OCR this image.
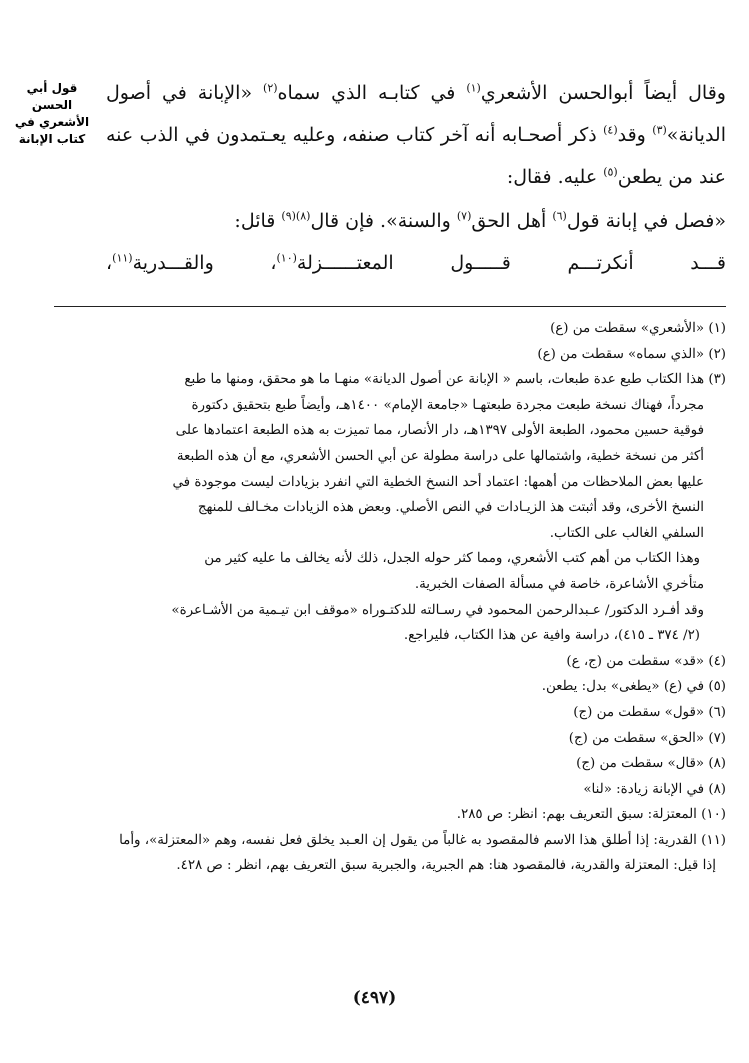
قول أبي الحسن الأشعري في كتاب الإبانة

وقال أيضاً أبوالحسن الأشعري$^{(١)}$ في كتابـه الذي سماه$^{(٢)}$ «الإبانة في أصول الديانة»$^{(٣)}$ وقد$^{(٤)}$ ذكر أصحـابه أنه آخر كتاب صنفه، وعليه يعـتمدون في الذب عنه عند من يطعن$^{(٥)}$ عليه. فقال:

«فصل في إبانة قول$^{(٦)}$ أهل الحق$^{(٧)}$ والسنة». فإن قال$^{(٨)(٩)}$ قائل:

قـــد أنكرتـــم قـــــول المعتــــــزلة$^{(١٠)}$، والقـــدرية$^{(١١)}$،

(١) «الأشعري» سقطت من (ع)

(٢) «الذي سماه» سقطت من (ع)

(٣) هذا الكتاب طبع عدة طبعات، باسم « الإبانة عن أصول الديانة» منهـا ما هو محقق، ومنها ما طبع

مجرداً، فهناك نسخة طبعت مجردة طبعتهـا «جامعة الإمام» ١٤٠٠هـ، وأيضاً طبع بتحقيق دكتورة

فوقية حسين محمود، الطبعة الأولى ١٣٩٧هـ، دار الأنصار، مما تميزت به هذه الطبعة اعتمادها على

أكثر من نسخة خطية، واشتمالها على دراسة مطولة عن أبي الحسن الأشعري، مع أن هذه الطبعة

عليها بعض الملاحظات من أهمها: اعتماد أحد النسخ الخطية التي انفرد بزيادات ليست موجودة في

النسخ الأخرى، وقد أثبتت هذ الزيـادات في النص الأصلي. وبعض هذه الزيادات مخـالف للمنهج

السلفي الغالب على الكتاب.

وهذا الكتاب من أهم كتب الأشعري، ومما كثر حوله الجدل، ذلك لأنه يخالف ما عليه كثير من

متأخري الأشاعرة، خاصة في مسألة الصفات الخبرية.

وقد أفـرد الدكتور/ عـبدالرحمن المحمود في رسـالته للدكتـوراه «موقف ابن تيـمية من الأشـاعرة»

(٢/ ٣٧٤ ـ ٤١٥)، دراسة وافية عن هذا الكتاب، فليراجع.

(٤) «قد» سقطت من (ج، ع)

(٥) في (ع) «يطغى» بدل: يطعن.

(٦) «قول» سقطت من (ج)

(٧) «الحق» سقطت من (ج)

(٨) «قال» سقطت من (ج)

(٨) في الإبانة زيادة: «لنا»

(١٠) المعتزلة: سبق التعريف بهم: انظر: ص ٢٨٥.

(١١) القدرية: إذا أطلق هذا الاسم فالمقصود به غالباً من يقول إن العـبد يخلق فعل نفسه، وهم «المعتزلة»، وأما

إذا قيل: المعتزلة والقدرية، فالمقصود هنا: هم الجبرية، والجبرية سبق التعريف بهم، انظر : ص ٤٢٨.

(٤٩٧)
